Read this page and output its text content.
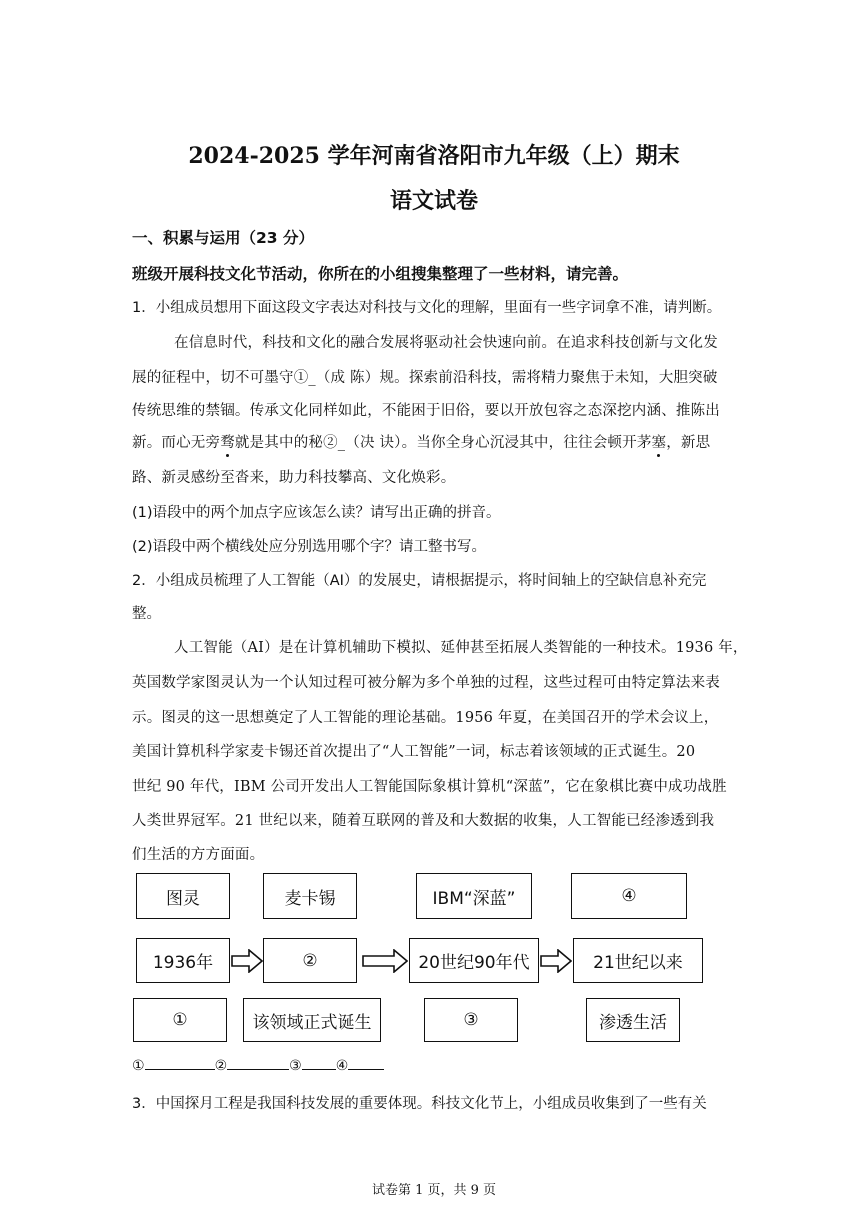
2024-2025 学年河南省洛阳市九年级（上）期末
语文试卷
一、积累与运用（23 分）
班级开展科技文化节活动，你所在的小组搜集整理了一些材料，请完善。
1．小组成员想用下面这段文字表达对科技与文化的理解，里面有一些字词拿不准，请判断。
在信息时代，科技和文化的融合发展将驱动社会快速向前。在追求科技创新与文化发
展的征程中，切不可墨守①_（成 陈）规。探索前沿科技，需将精力聚焦于未知，大胆突破
传统思维的禁锢。传承文化同样如此，不能困于旧俗，要以开放包容之态深挖内涵、推陈出
新。而心无旁骛就是其中的秘②_（决 诀）。当你全身心沉浸其中，往往会顿开茅塞，新思
路、新灵感纷至沓来，助力科技攀高、文化焕彩。
(1)语段中的两个加点字应该怎么读？请写出正确的拼音。
(2)语段中两个横线处应分别选用哪个字？请工整书写。
2．小组成员梳理了人工智能（AI）的发展史，请根据提示，将时间轴上的空缺信息补充完
整。
人工智能（AI）是在计算机辅助下模拟、延伸甚至拓展人类智能的一种技术。1936 年，
英国数学家图灵认为一个认知过程可被分解为多个单独的过程，这些过程可由特定算法来表
示。图灵的这一思想奠定了人工智能的理论基础。1956 年夏，在美国召开的学术会议上，
美国计算机科学家麦卡锡还首次提出了“人工智能”一词，标志着该领域的正式诞生。20
世纪 90 年代，IBM 公司开发出人工智能国际象棋计算机“深蓝”，它在象棋比赛中成功战胜
人类世界冠军。21 世纪以来，随着互联网的普及和大数据的收集，人工智能已经渗透到我
们生活的方方面面。
图灵	麦卡锡	IBM“深蓝”	④
1936年	②	20世纪90年代	21世纪以来
①	该领域正式诞生	③	渗透生活
①	②	③ ④
3．中国探月工程是我国科技发展的重要体现。科技文化节上，小组成员收集到了一些有关
试卷第 1 页，共 9 页
